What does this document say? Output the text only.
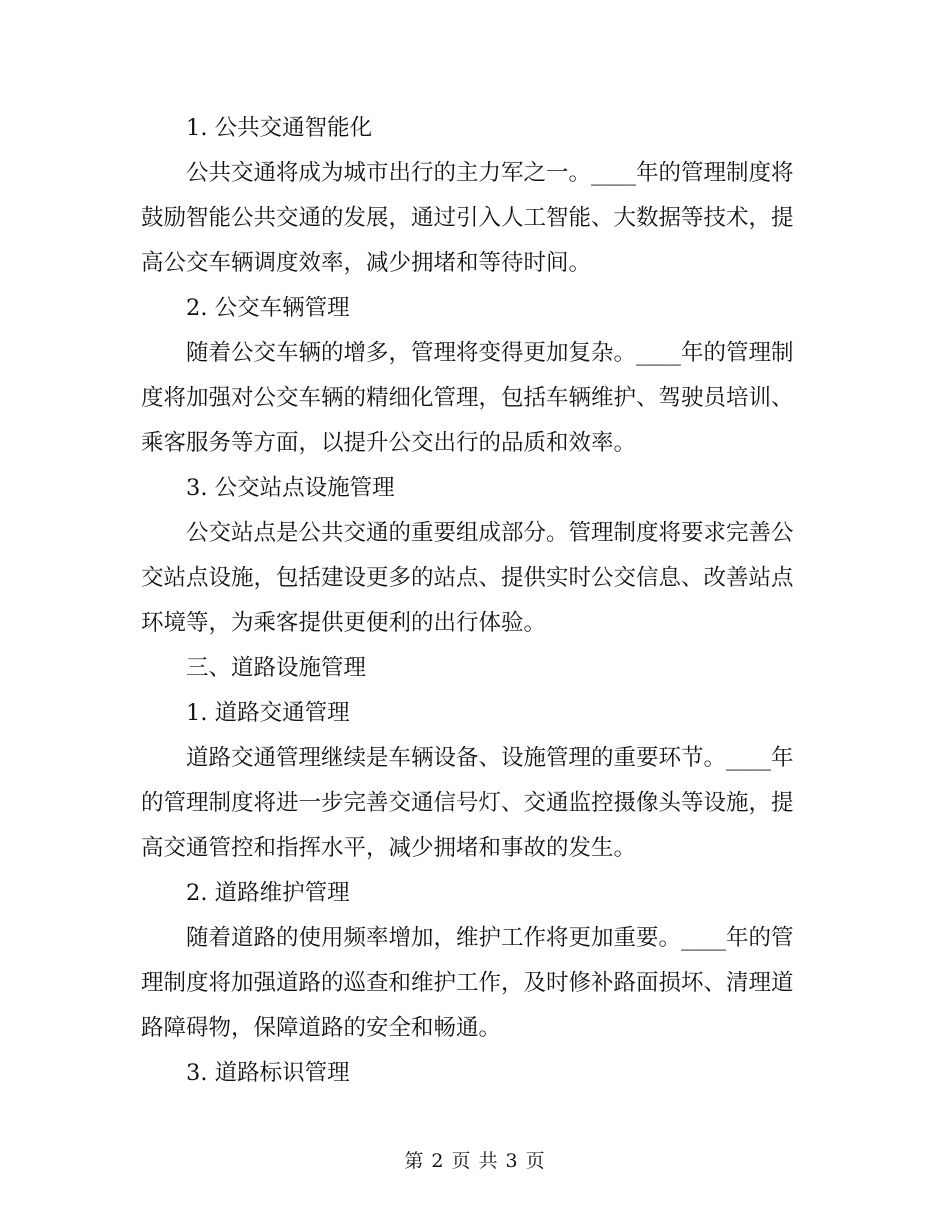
1. 公共交通智能化

公共交通将成为城市出行的主力军之一。____年的管理制度将鼓励智能公共交通的发展，通过引入人工智能、大数据等技术，提高公交车辆调度效率，减少拥堵和等待时间。

2. 公交车辆管理

随着公交车辆的增多，管理将变得更加复杂。____年的管理制度将加强对公交车辆的精细化管理，包括车辆维护、驾驶员培训、乘客服务等方面，以提升公交出行的品质和效率。

3. 公交站点设施管理

公交站点是公共交通的重要组成部分。管理制度将要求完善公交站点设施，包括建设更多的站点、提供实时公交信息、改善站点环境等，为乘客提供更便利的出行体验。

三、道路设施管理

1. 道路交通管理

道路交通管理继续是车辆设备、设施管理的重要环节。____年的管理制度将进一步完善交通信号灯、交通监控摄像头等设施，提高交通管控和指挥水平，减少拥堵和事故的发生。

2. 道路维护管理

随着道路的使用频率增加，维护工作将更加重要。____年的管理制度将加强道路的巡查和维护工作，及时修补路面损坏、清理道路障碍物，保障道路的安全和畅通。

3. 道路标识管理

第 2 页 共 3 页
